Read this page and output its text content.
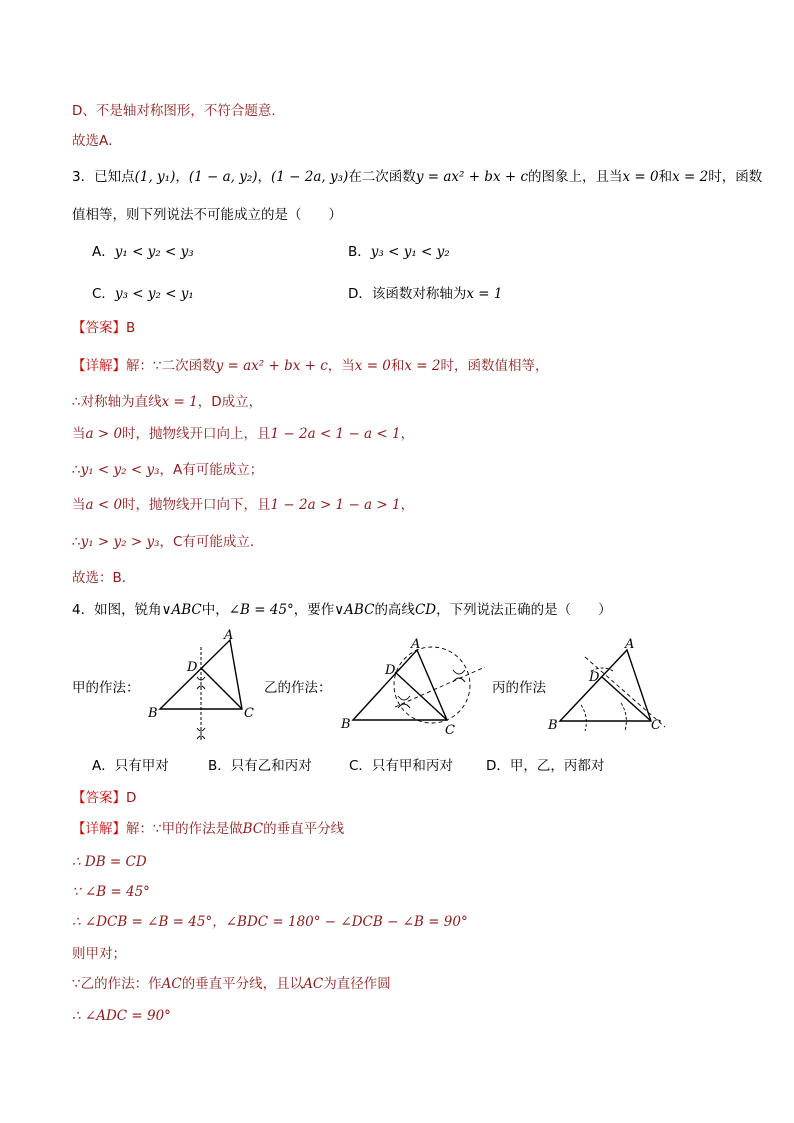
D、不是轴对称图形，不符合题意.
故选A．
3．已知点(1, y₁)，(1 − a, y₂)，(1 − 2a, y₃)在二次函数y = ax² + bx + c的图象上，且当x = 0和x = 2时，函数
值相等，则下列说法不可能成立的是（　　）
A．y₁ < y₂ < y₃	B．y₃ < y₁ < y₂
C．y₃ < y₂ < y₁	D．该函数对称轴为x = 1
【答案】B
【详解】解：∵二次函数y = ax² + bx + c，当x = 0和x = 2时，函数值相等，
∴对称轴为直线x = 1，D成立，
当a > 0时，抛物线开口向上，且1 − 2a < 1 − a < 1，
∴y₁ < y₂ < y₃，A有可能成立；
当a < 0时，抛物线开口向下，且1 − 2a > 1 − a > 1，
∴y₁ > y₂ > y₃，C有可能成立．
故选：B．
4．如图，锐角∨ABC中，∠B = 45°，要作∨ABC的高线CD，下列说法正确的是（　　）
甲的作法：	乙的作法：	丙的作法
A
D
B	C
A
D
B	C
A
D
B	C
A．只有甲对	B．只有乙和丙对	C．只有甲和丙对 D．甲，乙，丙都对
【答案】D
【详解】解：∵甲的作法是做BC的垂直平分线
∴ DB = CD
∵ ∠B = 45°
∴ ∠DCB = ∠B = 45°，∠BDC = 180° − ∠DCB − ∠B = 90°
则甲对；
∵乙的作法：作AC的垂直平分线，且以AC为直径作圆
∴ ∠ADC = 90°
